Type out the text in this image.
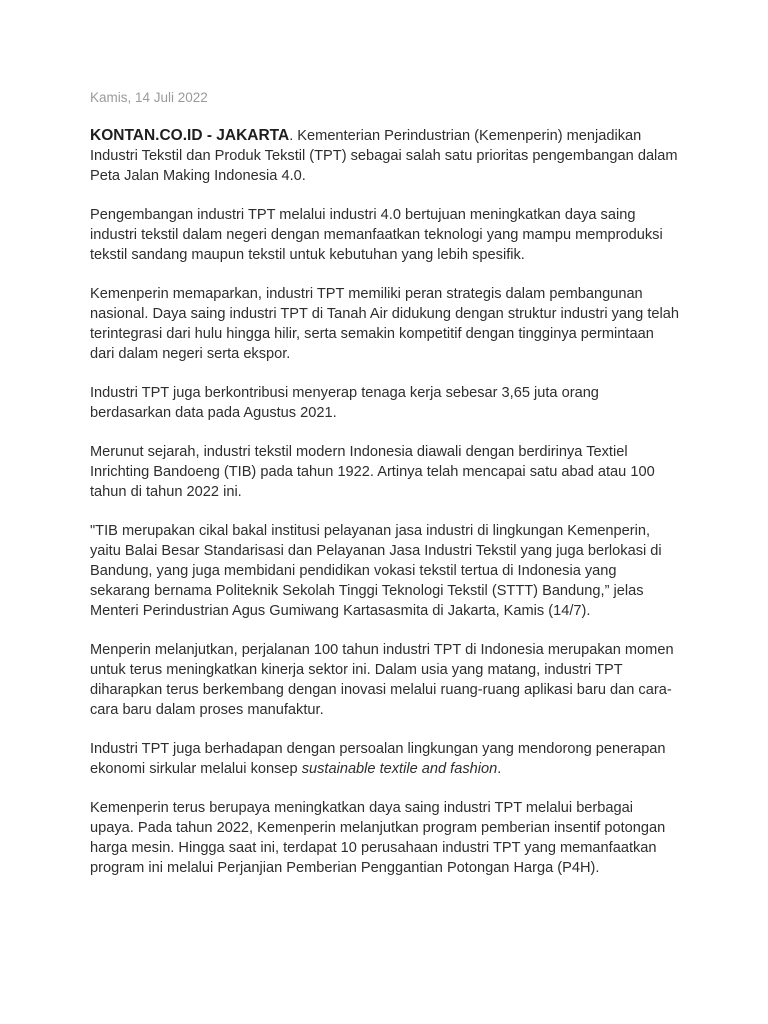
Kamis, 14 Juli 2022

KONTAN.CO.ID - JAKARTA. Kementerian Perindustrian (Kemenperin) menjadikan Industri Tekstil dan Produk Tekstil (TPT) sebagai salah satu prioritas pengembangan dalam Peta Jalan Making Indonesia 4.0.

Pengembangan industri TPT melalui industri 4.0 bertujuan meningkatkan daya saing industri tekstil dalam negeri dengan memanfaatkan teknologi yang mampu memproduksi tekstil sandang maupun tekstil untuk kebutuhan yang lebih spesifik.

Kemenperin memaparkan, industri TPT memiliki peran strategis dalam pembangunan nasional. Daya saing industri TPT di Tanah Air didukung dengan struktur industri yang telah terintegrasi dari hulu hingga hilir, serta semakin kompetitif dengan tingginya permintaan dari dalam negeri serta ekspor.

Industri TPT juga berkontribusi menyerap tenaga kerja sebesar 3,65 juta orang berdasarkan data pada Agustus 2021.

Merunut sejarah, industri tekstil modern Indonesia diawali dengan berdirinya Textiel Inrichting Bandoeng (TIB) pada tahun 1922. Artinya telah mencapai satu abad atau 100 tahun di tahun 2022 ini.

"TIB merupakan cikal bakal institusi pelayanan jasa industri di lingkungan Kemenperin, yaitu Balai Besar Standarisasi dan Pelayanan Jasa Industri Tekstil yang juga berlokasi di Bandung, yang juga membidani pendidikan vokasi tekstil tertua di Indonesia yang sekarang bernama Politeknik Sekolah Tinggi Teknologi Tekstil (STTT) Bandung,” jelas Menteri Perindustrian Agus Gumiwang Kartasasmita di Jakarta, Kamis (14/7).

Menperin melanjutkan, perjalanan 100 tahun industri TPT di Indonesia merupakan momen untuk terus meningkatkan kinerja sektor ini. Dalam usia yang matang, industri TPT diharapkan terus berkembang dengan inovasi melalui ruang-ruang aplikasi baru dan cara-cara baru dalam proses manufaktur.

Industri TPT juga berhadapan dengan persoalan lingkungan yang mendorong penerapan ekonomi sirkular melalui konsep sustainable textile and fashion.

Kemenperin terus berupaya meningkatkan daya saing industri TPT melalui berbagai upaya. Pada tahun 2022, Kemenperin melanjutkan program pemberian insentif potongan harga mesin. Hingga saat ini, terdapat 10 perusahaan industri TPT yang memanfaatkan program ini melalui Perjanjian Pemberian Penggantian Potongan Harga (P4H).
